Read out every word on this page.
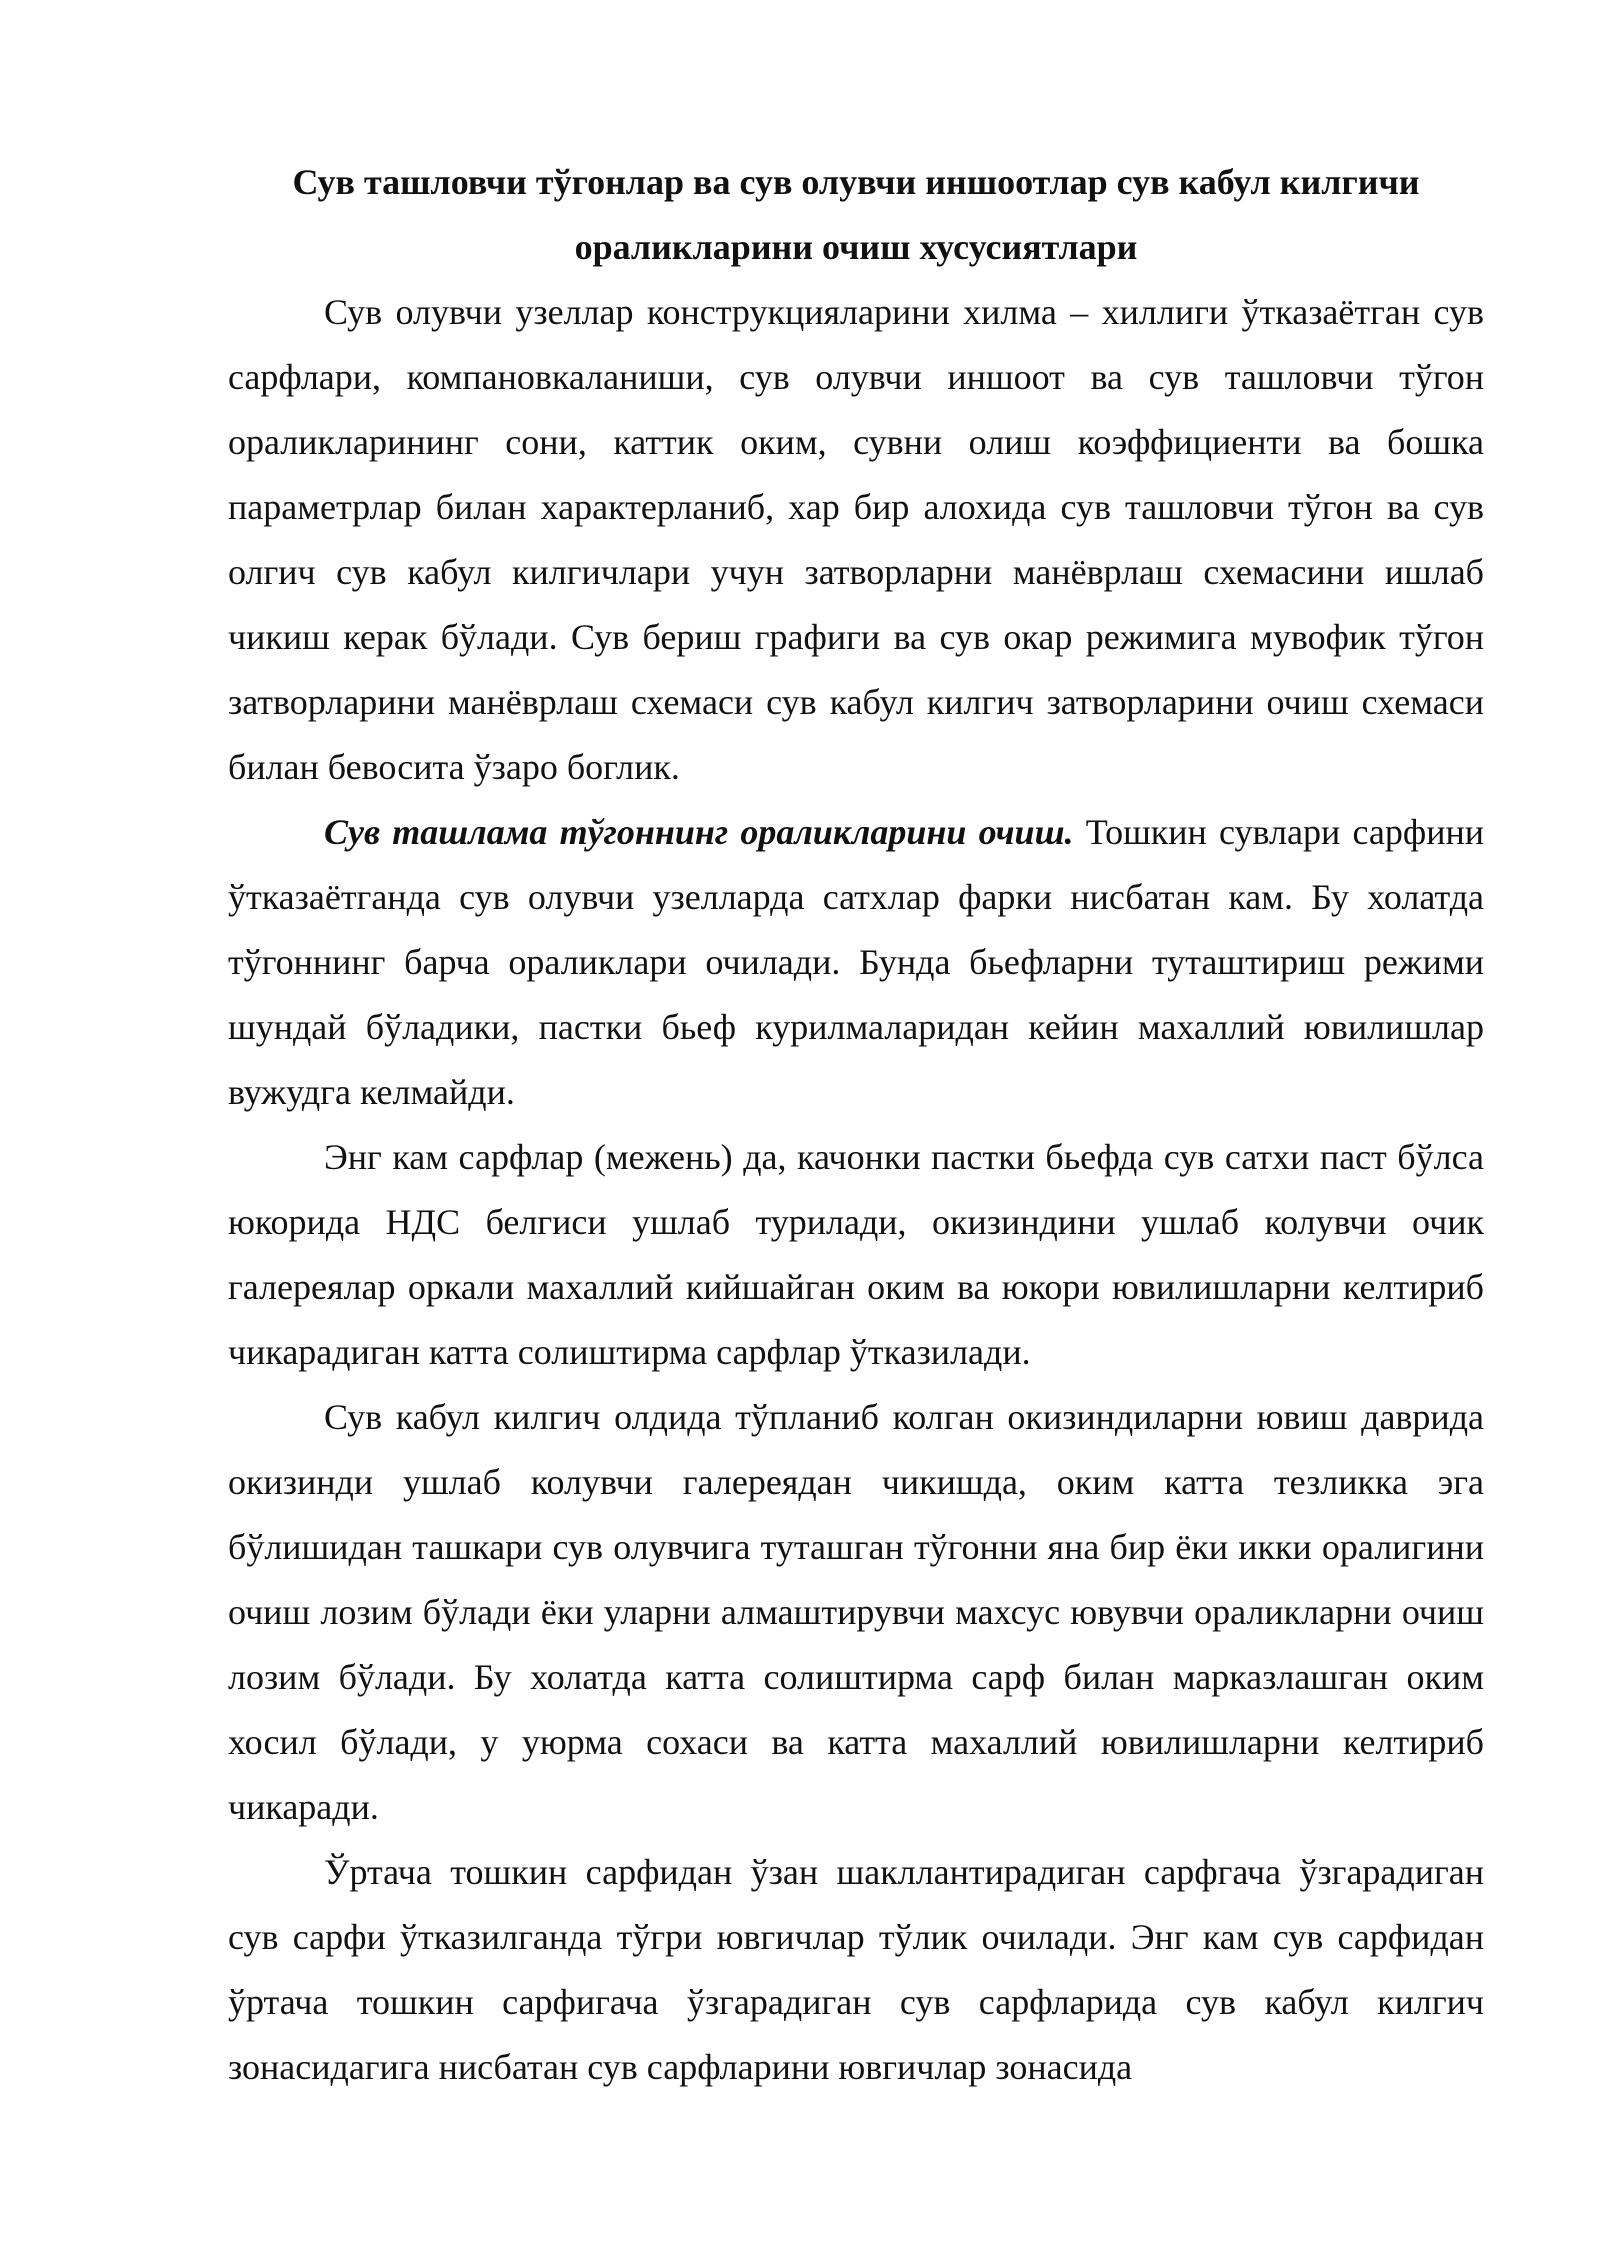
Сув ташловчи тўгонлар ва сув олувчи иншоотлар сув кабул килгичи
ораликларини очиш хусусиятлари

Сув олувчи узеллар конструкцияларини хилма – хиллиги ўтказаётган сув сарфлари, компановкаланиши, сув олувчи иншоот ва сув ташловчи тўгон ораликларининг сони, каттик оким, сувни олиш коэффициенти ва бошка параметрлар билан характерланиб, хар бир алохида сув ташловчи тўгон ва сув олгич сув кабул килгичлари учун затворларни манёврлаш схемасини ишлаб чикиш керак бўлади. Сув бериш графиги ва сув окар режимига мувофик тўгон затворларини манёврлаш схемаси сув кабул килгич затворларини очиш схемаси билан бевосита ўзаро боглик.

Сув ташлама тўгоннинг ораликларини очиш. Тошкин сувлари сарфини ўтказаётганда сув олувчи узелларда сатхлар фарки нисбатан кам. Бу холатда тўгоннинг барча ораликлари очилади. Бунда бьефларни туташтириш режими шундай бўладики, пастки бьеф курилмаларидан кейин махаллий ювилишлар вужудга келмайди.

Энг кам сарфлар (межень) да, качонки пастки бьефда сув сатхи паст бўлса юкорида НДС белгиси ушлаб турилади, окизиндини ушлаб колувчи очик галереялар оркали махаллий кийшайган оким ва юкори ювилишларни келтириб чикарадиган катта солиштирма сарфлар ўтказилади.

Сув кабул килгич олдида тўпланиб колган окизиндиларни ювиш даврида окизинди ушлаб колувчи галереядан чикишда, оким катта тезликка эга бўлишидан ташкари сув олувчига туташган тўгонни яна бир ёки икки оралигини очиш лозим бўлади ёки уларни алмаштирувчи махсус ювувчи ораликларни очиш лозим бўлади. Бу холатда катта солиштирма сарф билан марказлашган оким хосил бўлади, у уюрма сохаси ва катта махаллий ювилишларни келтириб чикаради.

Ўртача тошкин сарфидан ўзан шакллантирадиган сарфгача ўзгарадиган сув сарфи ўтказилганда тўгри ювгичлар тўлик очилади. Энг кам сув сарфидан ўртача тошкин сарфигача ўзгарадиган сув сарфларида сув кабул килгич зонасидагига нисбатан сув сарфларини ювгичлар зонасида
